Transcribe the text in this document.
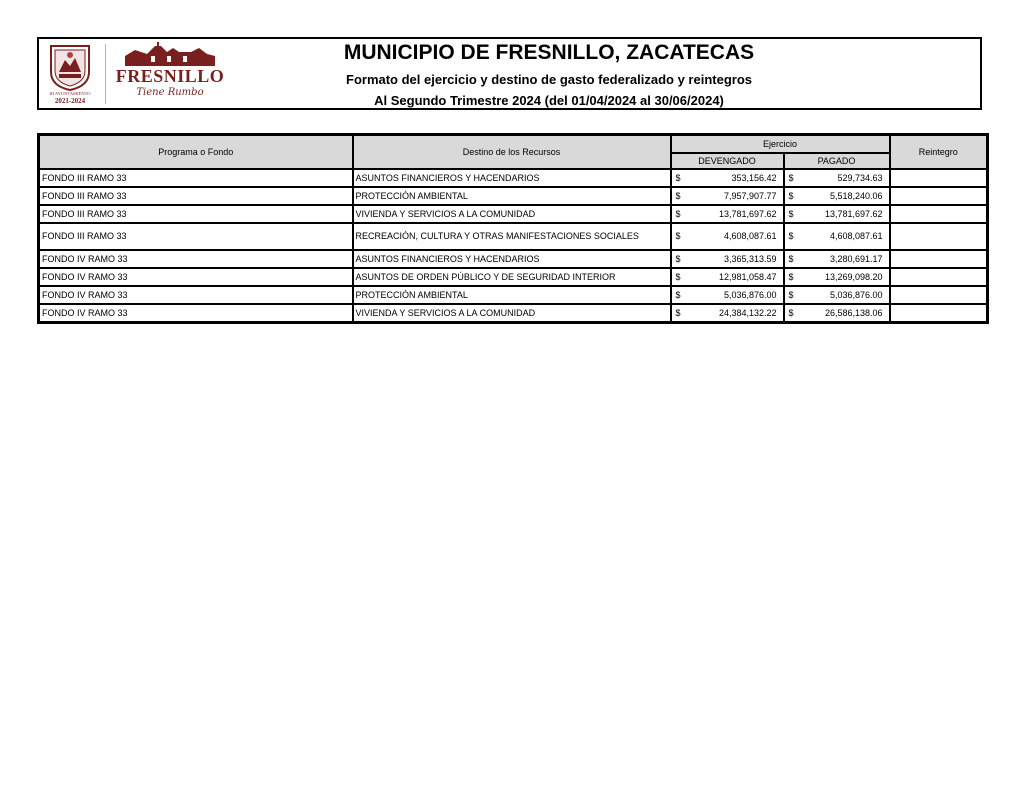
III AYUNTAMIENTO
2021-2024
FRESNILLO
Tiene Rumbo
MUNICIPIO DE FRESNILLO, ZACATECAS
Formato del ejercicio y destino de gasto federalizado y reintegros
Al Segundo Trimestre 2024 (del 01/04/2024 al 30/06/2024)
Programa o Fondo	Destino de los Recursos	Ejercicio		Reintegro
		DEVENGADO	PAGADO	
FONDO III RAMO 33	ASUNTOS FINANCIEROS Y HACENDARIOS	$ 353,156.42	$ 529,734.63	

FONDO III RAMO 33	PROTECCIÓN AMBIENTAL	$ 7,957,907.77	$ 5,518,240.06	

FONDO III RAMO 33	VIVIENDA Y SERVICIOS A LA COMUNIDAD	$ 13,781,697.62	$ 13,781,697.62	

FONDO III RAMO 33	RECREACIÓN, CULTURA Y OTRAS MANIFESTACIONES SOCIALES	$ 4,608,087.61	$ 4,608,087.61	

FONDO IV RAMO 33	ASUNTOS FINANCIEROS Y HACENDARIOS	$ 3,365,313.59	$ 3,280,691.17	

FONDO IV RAMO 33	ASUNTOS DE ORDEN PÚBLICO Y DE SEGURIDAD INTERIOR	$ 12,981,058.47	$ 13,269,098.20	

FONDO IV RAMO 33	PROTECCIÓN AMBIENTAL	$ 5,036,876.00	$ 5,036,876.00	

FONDO IV RAMO 33	VIVIENDA Y SERVICIOS A LA COMUNIDAD	$ 24,384,132.22	$ 26,586,138.06	
